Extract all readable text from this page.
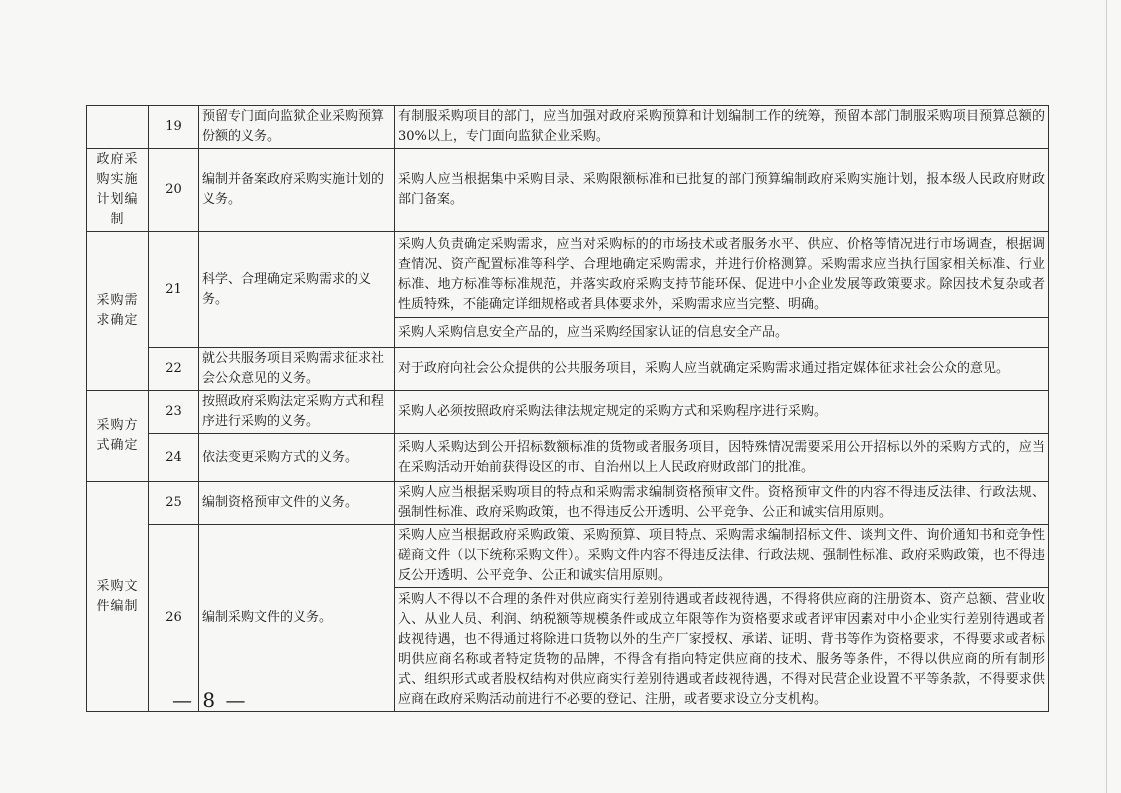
	19	预留专门面向监狱企业采购预算份额的义务。	有制服采购项目的部门，应当加强对政府采购预算和计划编制工作的统筹，预留本部门制服采购项目预算总额的 30%以上，专门面向监狱企业采购。
政府采购实施计划编制	20	编制并备案政府采购实施计划的义务。	采购人应当根据集中采购目录、采购限额标准和已批复的部门预算编制政府采购实施计划，报本级人民政府财政部门备案。
采购需求确定	21	科学、合理确定采购需求的义务。	采购人负责确定采购需求，应当对采购标的的市场技术或者服务水平、供应、价格等情况进行市场调查，根据调查情况、资产配置标准等科学、合理地确定采购需求，并进行价格测算。采购需求应当执行国家相关标准、行业标准、地方标准等标准规范，并落实政府采购支持节能环保、促进中小企业发展等政策要求。除因技术复杂或者性质特殊，不能确定详细规格或者具体要求外，采购需求应当完整、明确。
			采购人采购信息安全产品的，应当采购经国家认证的信息安全产品。
	22	就公共服务项目采购需求征求社会公众意见的义务。	对于政府向社会公众提供的公共服务项目，采购人应当就确定采购需求通过指定媒体征求社会公众的意见。
采购方式确定	23	按照政府采购法定采购方式和程序进行采购的义务。	采购人必须按照政府采购法律法规定规定的采购方式和采购程序进行采购。
	24	依法变更采购方式的义务。	采购人采购达到公开招标数额标准的货物或者服务项目，因特殊情况需要采用公开招标以外的采购方式的，应当在采购活动开始前获得设区的市、自治州以上人民政府财政部门的批准。
采购文件编制	25	编制资格预审文件的义务。	采购人应当根据采购项目的特点和采购需求编制资格预审文件。资格预审文件的内容不得违反法律、行政法规、强制性标准、政府采购政策，也不得违反公开透明、公平竞争、公正和诚实信用原则。
	26	编制采购文件的义务。	采购人应当根据政府采购政策、采购预算、项目特点、采购需求编制招标文件、谈判文件、询价通知书和竞争性磋商文件（以下统称采购文件）。采购文件内容不得违反法律、行政法规、强制性标准、政府采购政策，也不得违反公开透明、公平竞争、公正和诚实信用原则。
			采购人不得以不合理的条件对供应商实行差别待遇或者歧视待遇，不得将供应商的注册资本、资产总额、营业收入、从业人员、利润、纳税额等规模条件或成立年限等作为资格要求或者评审因素对中小企业实行差别待遇或者歧视待遇，也不得通过将除进口货物以外的生产厂家授权、承诺、证明、背书等作为资格要求，不得要求或者标明供应商名称或者特定货物的品牌，不得含有指向特定供应商的技术、服务等条件，不得以供应商的所有制形式、组织形式或者股权结构对供应商实行差别待遇或者歧视待遇，不得对民营企业设置不平等条款，不得要求供应商在政府采购活动前进行不必要的登记、注册，或者要求设立分支机构。
— 8 —
